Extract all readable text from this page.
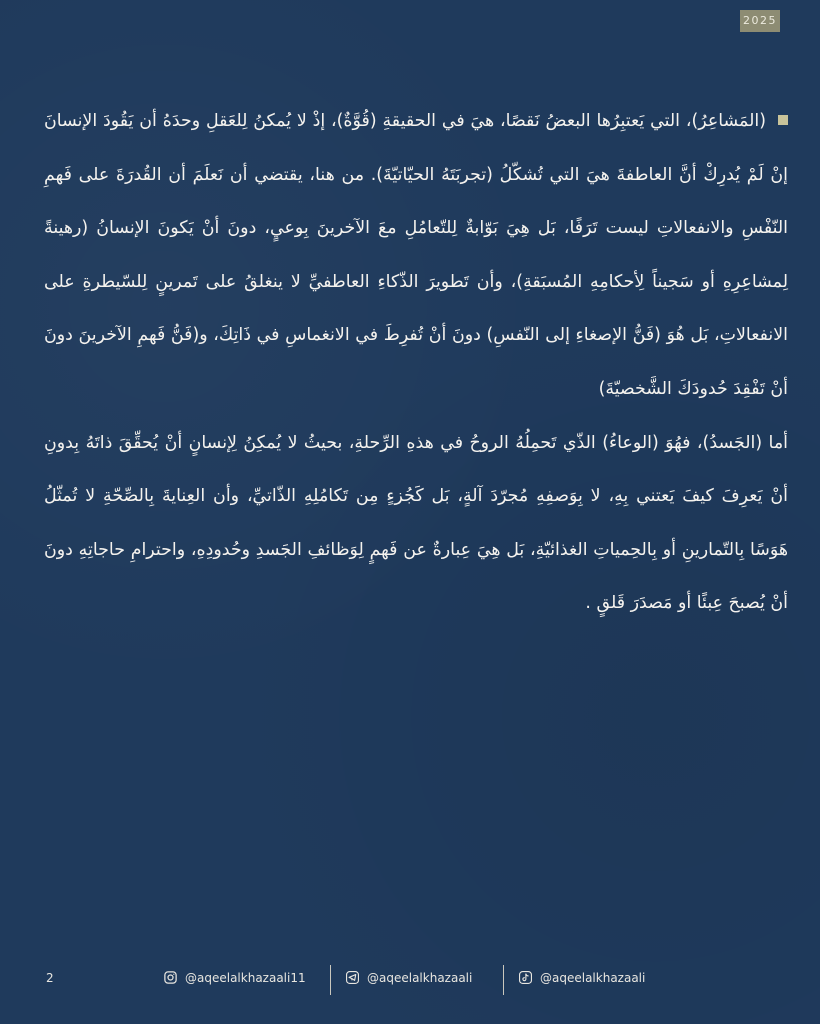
2025

(المَشاعِرُ)، التي يَعتبِرُها البعضُ نَقصًا، هيَ في الحقيقةِ (قُوَّةٌ)، إذْ لا يُمكنُ لِلعَقلِ وحدَهُ أن يَقُودَ الإنسانَ إنْ لَمْ يُدرِكْ أنَّ العاطفةَ هيَ التي تُشكّلُ (تجربَتَهُ الحيّاتيّةَ). من هنا، يقتضي أن نَعلَمَ أن القُدرَةَ على فَهمِ النّفْسِ والانفعالاتِ ليست تَرَفًا، بَل هِيَ بَوّابةٌ لِلتّعامُلِ معَ الآخرينَ بِوعيٍ، دونَ أنْ يَكونَ الإنسانُ (رهينةً لِمشاعِرِهِ أو سَجيناً لِأحكامِهِ المُسبَقةِ)، وأن تَطويرَ الذّكاءِ العاطفيِّ لا ينغلقُ على تَمرينٍ لِلسّيطرةِ على الانفعالاتِ، بَل هُوَ (فَنُّ الإصغاءِ إلى النّفسِ) دونَ أنْ تُفرِطَ في الانغماسِ في ذَاتِكَ، و(فَنُّ فَهمِ الآخرينَ دونَ أنْ تَفْقِدَ حُدودَكَ الشَّخصيّةَ)

أما (الجَسدُ)، فهُوَ (الوعاءُ) الذّي تَحمِلُهُ الروحُ في هذهِ الرِّحلةِ، بحيثُ لا يُمكِنُ لِإنسانٍ أنْ يُحقِّقَ ذاتَهُ بِدونِ أنْ يَعرِفَ كيفَ يَعتني بِهِ، لا بِوَصفِهِ مُجرّدَ آلةٍ، بَل كَجُزءٍ مِن تَكامُلِهِ الذّاتيِّ، وأن العِنايةَ بِالصِّحّةِ لا تُمثّلُ هَوَسًا بِالتّمارينِ أو بِالحِمياتِ الغذائيّةِ، بَل هِيَ عِبارةٌ عن فَهمٍ لِوَظائفِ الجَسدِ وحُدودِهِ، واحترامِ حاجاتِهِ دونَ أنْ يُصبحَ عِبئًا أو مَصدَرَ قَلقٍ .

2	@aqeelalkhazaali11	@aqeelalkhazaali	@aqeelalkhazaali
